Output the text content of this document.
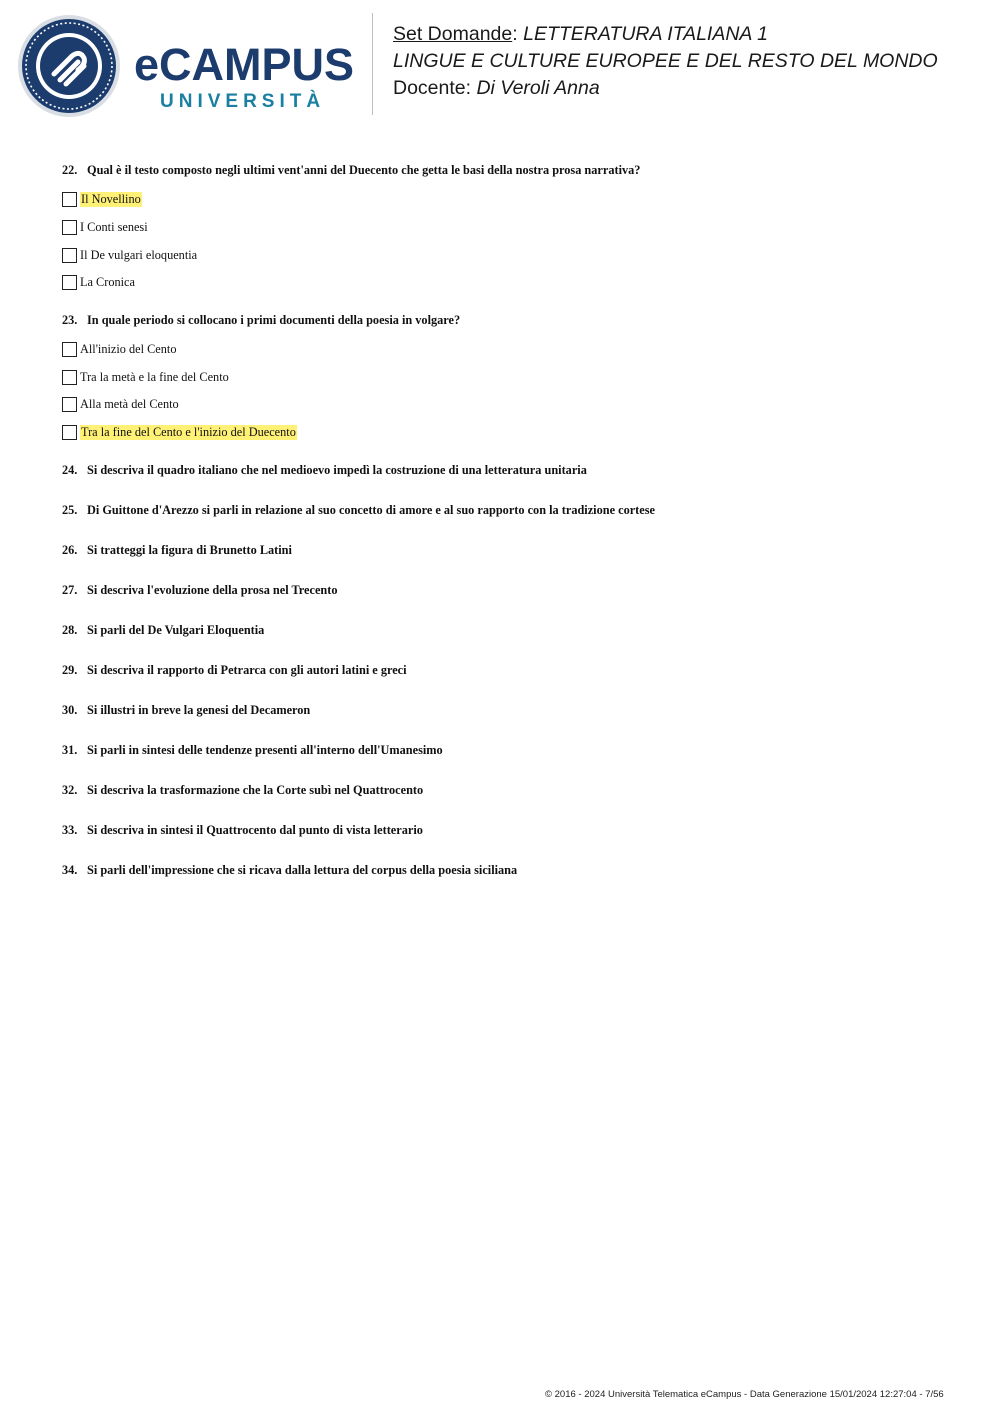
eCAMPUS
UNIVERSITÀ
Set Domande: LETTERATURA ITALIANA 1
LINGUE E CULTURE EUROPEE E DEL RESTO DEL MONDO
Docente: Di Veroli Anna

22. Qual è il testo composto negli ultimi vent'anni del Duecento che getta le basi della nostra prosa narrativa?

Il Novellino
I Conti senesi
Il De vulgari eloquentia
La Cronica

23. In quale periodo si collocano i primi documenti della poesia in volgare?

All'inizio del Cento
Tra la metà e la fine del Cento
Alla metà del Cento
Tra la fine del Cento e l'inizio del Duecento

24. Si descriva il quadro italiano che nel medioevo impedì la costruzione di una letteratura unitaria

25. Di Guittone d'Arezzo si parli in relazione al suo concetto di amore e al suo rapporto con la tradizione cortese

26. Si tratteggi la figura di Brunetto Latini

27. Si descriva l'evoluzione della prosa nel Trecento

28. Si parli del De Vulgari Eloquentia

29. Si descriva il rapporto di Petrarca con gli autori latini e greci

30. Si illustri in breve la genesi del Decameron

31. Si parli in sintesi delle tendenze presenti all'interno dell'Umanesimo

32. Si descriva la trasformazione che la Corte subì nel Quattrocento

33. Si descriva in sintesi il Quattrocento dal punto di vista letterario

34. Si parli dell'impressione che si ricava dalla lettura del corpus della poesia siciliana

© 2016 - 2024 Università Telematica eCampus - Data Generazione 15/01/2024 12:27:04 - 7/56
